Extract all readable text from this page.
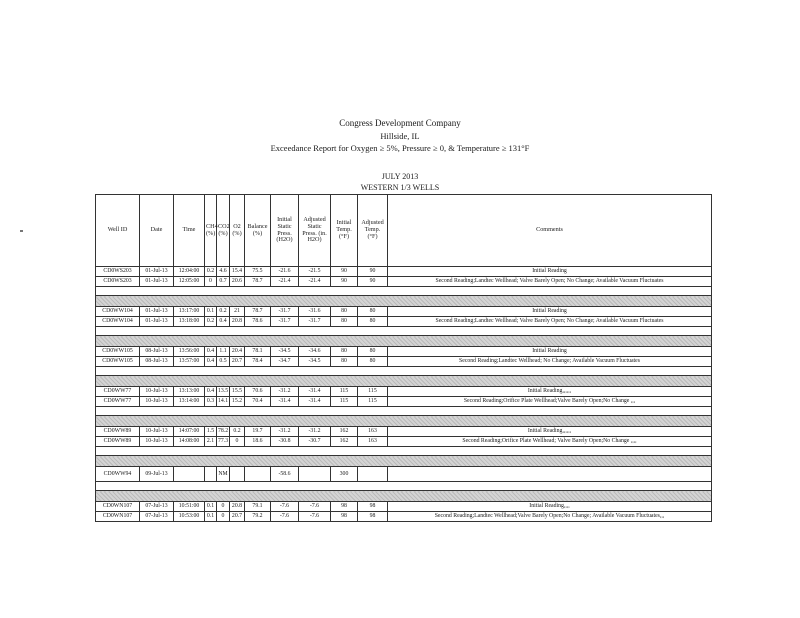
Congress Development Company
Hillside, IL
Exceedance Report for Oxygen ≥ 5%, Pressure ≥ 0, & Temperature ≥ 131°F
JULY 2013
WESTERN 1/3 WELLS
Well ID	Date	Time	CH4 (%)	CO2 (%)	O2 (%)	Balance (%)	Initial Static Press. (H2O)	Adjusted Static Press. (in. H2O)	Initial Temp. (°F)	Adjusted Temp. (°F)	Comments
CD0WS203	01-Jul-13	12:04:00	0.2	4.6	15.4	75.5	-21.6	-21.5	90	90	Initial Reading
CD0WS203	01-Jul-13	12:05:00	0	0.7	20.6	78.7	-21.4	-21.4	90	90	Second Reading;Landtec Wellhead; Valve Barely Open; No Change; Available Vacuum Fluctuates

CD0WW104	01-Jul-13	13:17:00	0.1	0.2	21	78.7	-31.7	-31.6	80	80	Initial Reading
CD0WW104	01-Jul-13	13:18:00	0.2	0.4	20.8	78.6	-31.7	-31.7	80	80	Second Reading;Landtec Wellhead; Valve Barely Open; No Change; Available Vacuum Fluctuates

CD0WW105	08-Jul-13	13:56:00	0.4	1.1	20.4	78.1	-34.5	-34.6	80	80	Initial Reading
CD0WW105	08-Jul-13	13:57:00	0.4	0.5	20.7	78.4	-34.7	-34.5	80	80	Second Reading;Landtec Wellhead; No Change; Available Vacuum Fluctuates

CD0WW77	10-Jul-13	13:13:00	0.4	13.5	15.5	70.6	-31.2	-31.4	115	115	Initial Reading,,,,,,
CD0WW77	10-Jul-13	13:14:00	0.3	14.1	15.2	70.4	-31.4	-31.4	115	115	Second Reading;Orifice Plate Wellhead;Valve Barely Open;No Change ,,,

CD0WW89	10-Jul-13	14:07:00	1.5	78.2	0.2	19.7	-31.2	-31.2	162	163	Initial Reading,,,,,,
CD0WW89	10-Jul-13	14:08:00	2.1	77.3	0	18.6	-30.8	-30.7	162	163	Second Reading;Orifice Plate Wellhead; Valve Barely Open;No Change ,,,,

CD0WW94	09-Jul-13			NM			-58.6		300		

CD0WN107	07-Jul-13	10:51:00	0.1	0	20.8	79.1	-7.6	-7.6	98	98	Initial Reading,,,,
CD0WN107	07-Jul-13	10:53:00	0.1	0	20.7	79.2	-7.6	-7.6	98	98	Second Reading;Landtec Wellhead;Valve Barely Open;No Change; Available Vacuum Fluctuates,,,
